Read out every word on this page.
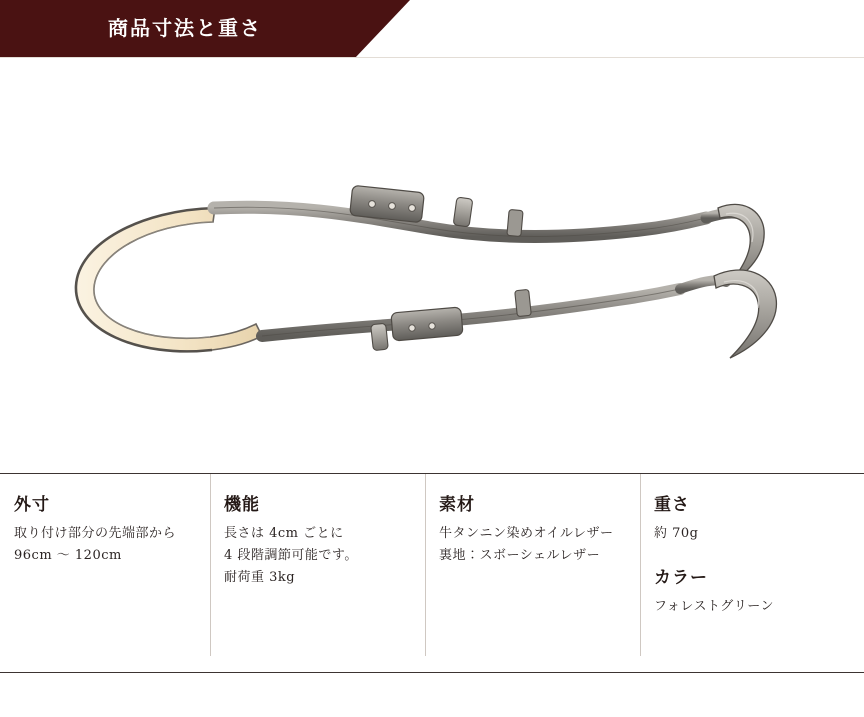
商品寸法と重さ
外寸
取り付け部分の先端部から
96cm 〜 120cm
機能
長さは 4cm ごとに
4 段階調節可能です。
耐荷重 3kg
素材
牛タンニン染めオイルレザー
裏地：スボーシェルレザー
重さ
約 70g
カラー
フォレストグリーン
